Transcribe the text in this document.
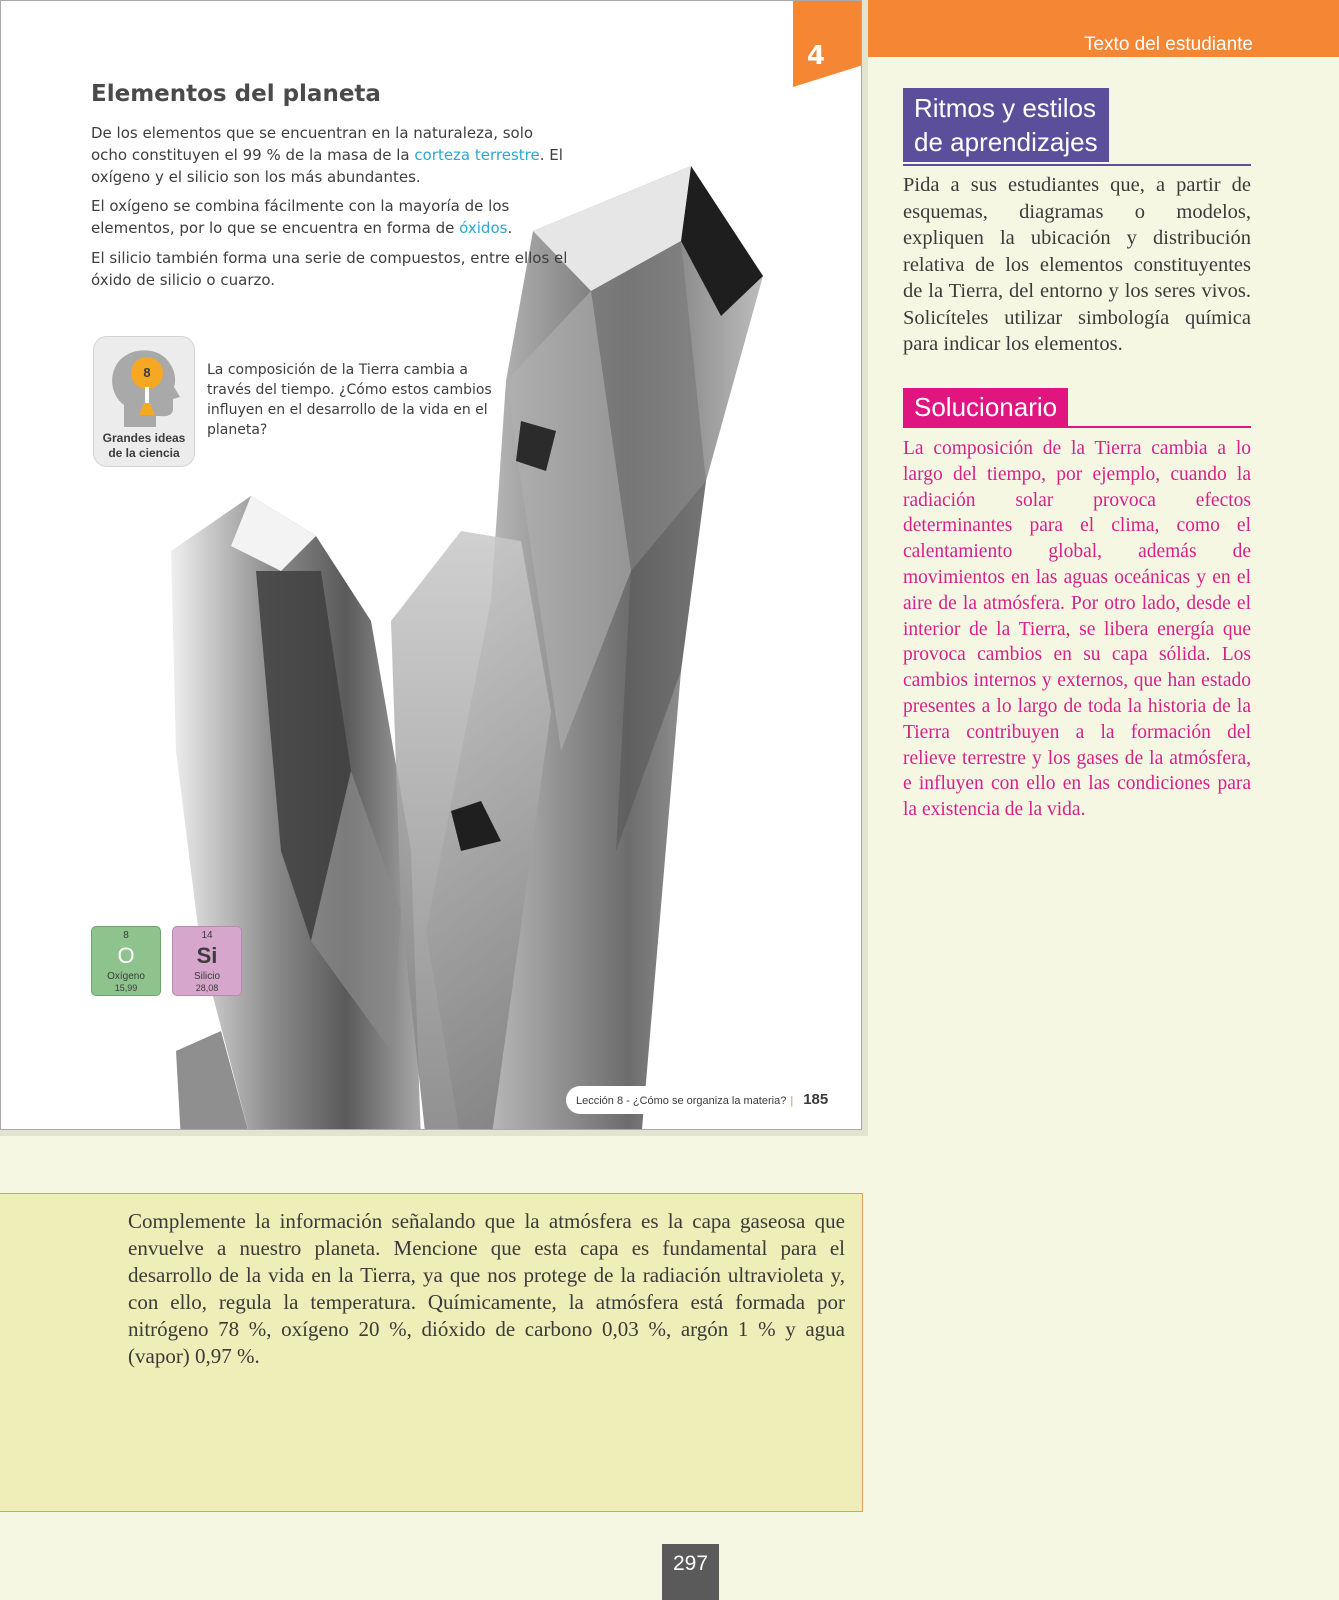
4
Elementos del planeta

De los elementos que se encuentran en la naturaleza, solo ocho constituyen el 99 % de la masa de la corteza terrestre. El oxígeno y el silicio son los más abundantes.

El oxígeno se combina fácilmente con la mayoría de los elementos, por lo que se encuentra en forma de óxidos.

El silicio también forma una serie de compuestos, entre ellos el óxido de silicio o cuarzo.

8
Grandes ideas
de la ciencia

La composición de la Tierra cambia a través del tiempo. ¿Cómo estos cambios influyen en el desarrollo de la vida en el planeta?

8
O
Oxígeno
15,99
14
Si
Silicio
28,08
Lección 8 - ¿Cómo se organiza la materia? | 185
Texto del estudiante
Ritmos y estilos
de aprendizajes

Pida a sus estudiantes que, a partir de esquemas, diagramas o modelos, expliquen la ubicación y distribución relativa de los elementos constituyentes de la Tierra, del entorno y los seres vivos. Solicíteles utilizar simbología química para indicar los elementos.

Solucionario

La composición de la Tierra cambia a lo largo del tiempo, por ejemplo, cuando la radiación solar provoca efectos determinantes para el clima, como el calentamiento global, además de movimientos en las aguas oceánicas y en el aire de la atmósfera. Por otro lado, desde el interior de la Tierra, se libera energía que provoca cambios en su capa sólida. Los cambios internos y externos, que han estado presentes a lo largo de toda la historia de la Tierra contribuyen a la formación del relieve terrestre y los gases de la atmósfera, e influyen con ello en las condiciones para la existencia de la vida.

Complemente la información señalando que la atmósfera es la capa gaseosa que envuelve a nuestro planeta. Mencione que esta capa es fundamental para el desarrollo de la vida en la Tierra, ya que nos protege de la radiación ultravioleta y, con ello, regula la temperatura. Químicamente, la atmósfera está formada por nitrógeno 78 %, oxígeno 20 %, dióxido de carbono 0,03 %, argón 1 % y agua (vapor) 0,97 %.

297
